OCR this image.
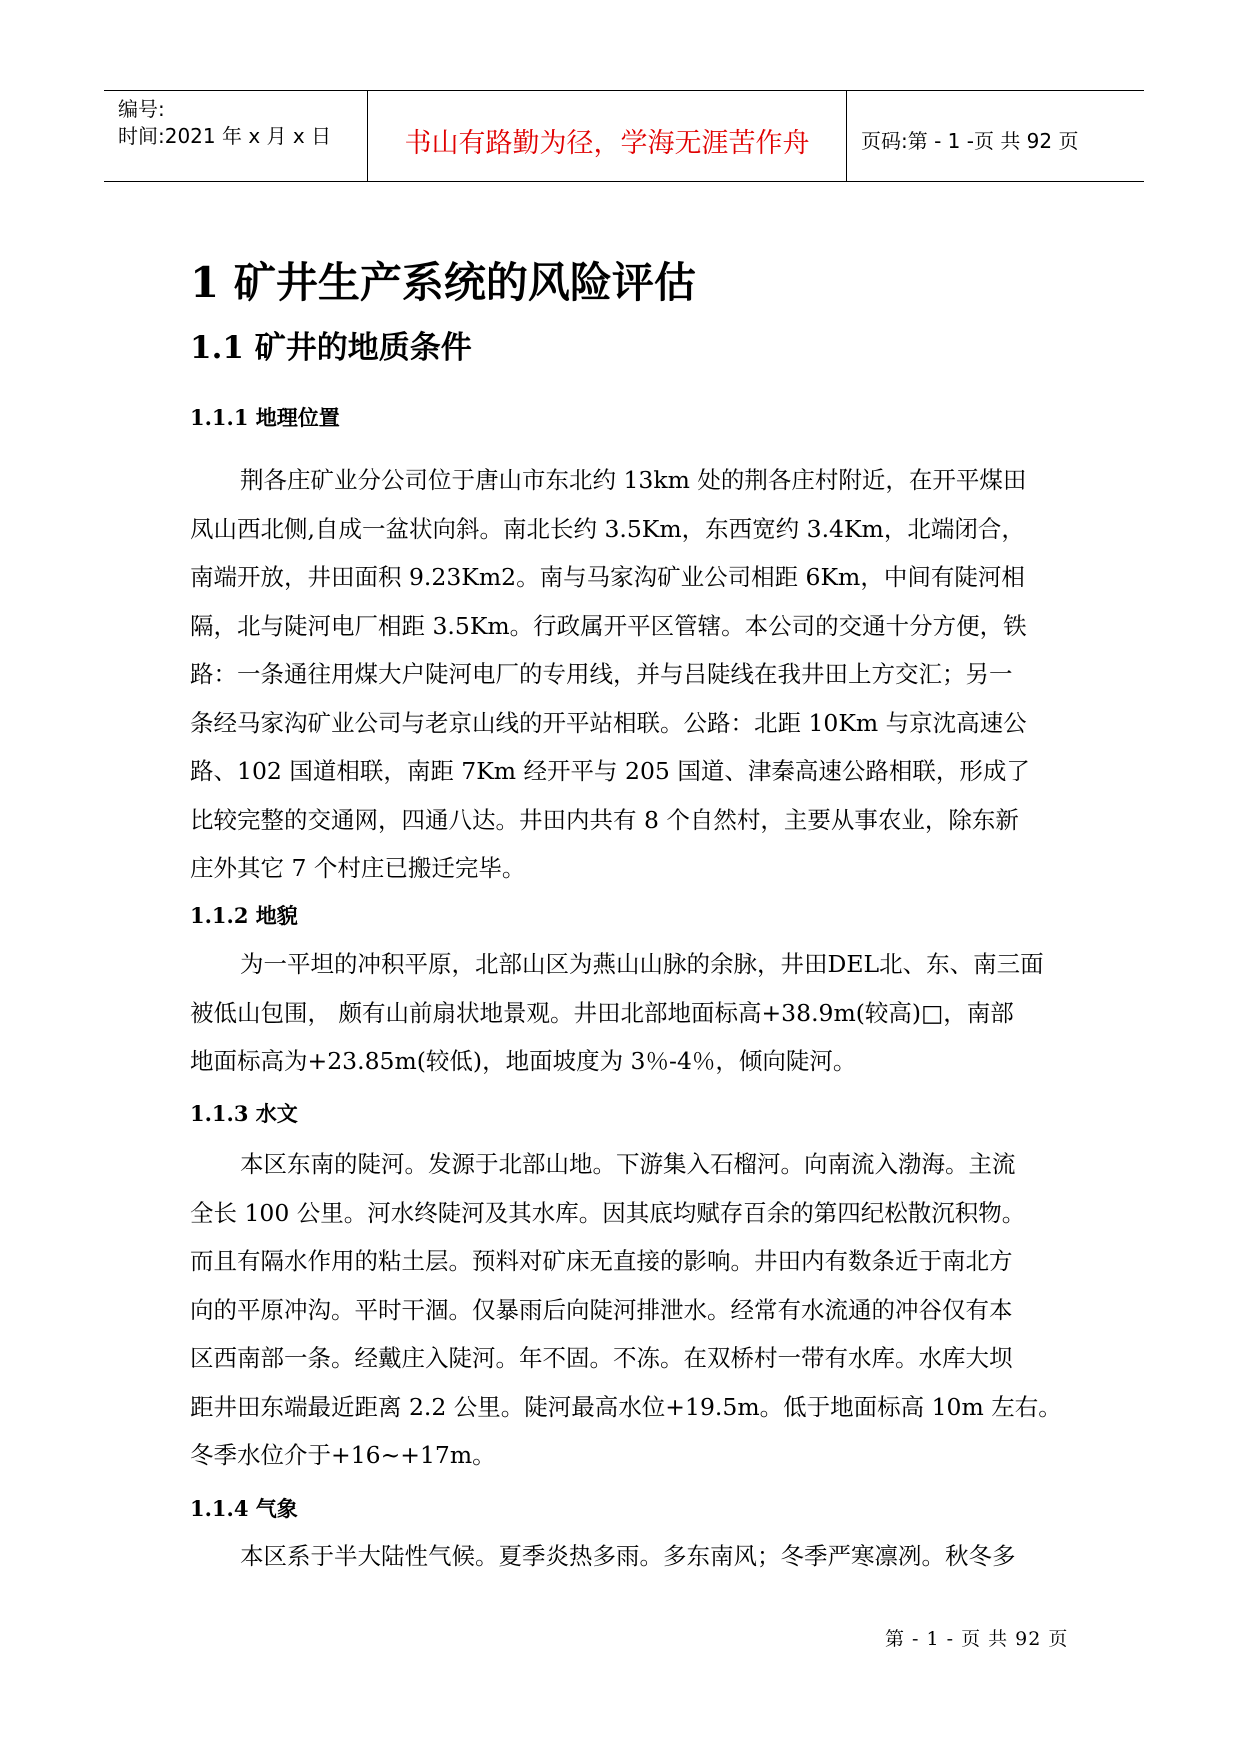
编号:
时间:2021 年 x 月 x 日	书山有路勤为径，学海无涯苦作舟	页码:第 - 1 -页 共 92 页
1 矿井生产系统的风险评估
1.1 矿井的地质条件
1.1.1 地理位置
荆各庄矿业分公司位于唐山市东北约 13km 处的荆各庄村附近，在开平煤田
凤山西北侧,自成一盆状向斜。南北长约 3.5Km，东西宽约 3.4Km，北端闭合，
南端开放，井田面积 9.23Km2。南与马家沟矿业公司相距 6Km，中间有陡河相
隔，北与陡河电厂相距 3.5Km。行政属开平区管辖。本公司的交通十分方便，铁
路：一条通往用煤大户陡河电厂的专用线，并与吕陡线在我井田上方交汇；另一
条经马家沟矿业公司与老京山线的开平站相联。公路：北距 10Km 与京沈高速公
路、102 国道相联，南距 7Km 经开平与 205 国道、津秦高速公路相联，形成了
比较完整的交通网，四通八达。井田内共有 8 个自然村，主要从事农业，除东新
庄外其它 7 个村庄已搬迁完毕。
1.1.2 地貌
为一平坦的冲积平原，北部山区为燕山山脉的余脉，井田DEL北、东、南三面
被低山包围， 颇有山前扇状地景观。井田北部地面标高+38.9m(较高)□，南部
地面标高为+23.85m(较低)，地面坡度为 3％-4％，倾向陡河。
1.1.3 水文
本区东南的陡河。发源于北部山地。下游集入石榴河。向南流入渤海。主流
全长 100 公里。河水终陡河及其水库。因其底均赋存百余的第四纪松散沉积物。
而且有隔水作用的粘土层。预料对矿床无直接的影响。井田内有数条近于南北方
向的平原冲沟。平时干涸。仅暴雨后向陡河排泄水。经常有水流通的冲谷仅有本
区西南部一条。经戴庄入陡河。年不固。不冻。在双桥村一带有水库。水库大坝
距井田东端最近距离 2.2 公里。陡河最高水位+19.5m。低于地面标高 10m 左右。
冬季水位介于+16~+17m。
1.1.4 气象
本区系于半大陆性气候。夏季炎热多雨。多东南风；冬季严寒凛冽。秋冬多
第 - 1 - 页 共 92 页
